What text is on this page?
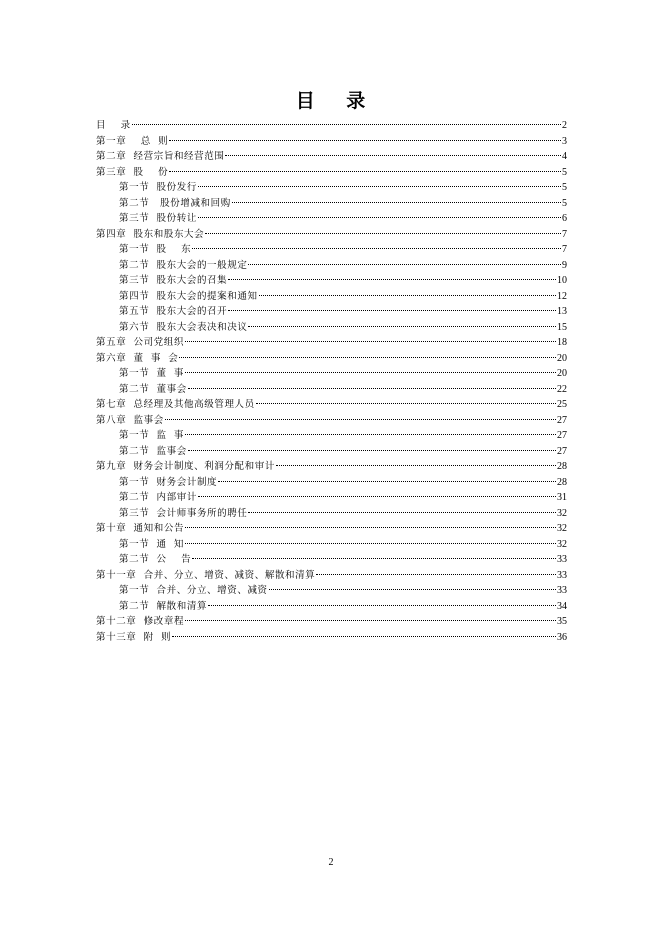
目    录
目    录	2
第一章    总  则	3
第二章  经营宗旨和经营范围	4
第三章  股    份	5
第一节  股份发行	5
第二节   股份增减和回购	5
第三节  股份转让	6
第四章  股东和股东大会	7
第一节  股    东	7
第二节  股东大会的一般规定	9
第三节  股东大会的召集	10
第四节  股东大会的提案和通知	12
第五节  股东大会的召开	13
第六节  股东大会表决和决议	15
第五章  公司党组织	18
第六章  董  事  会	20
第一节  董  事	20
第二节  董事会	22
第七章  总经理及其他高级管理人员	25
第八章  监事会	27
第一节  监  事	27
第二节  监事会	27
第九章  财务会计制度、利润分配和审计	28
第一节  财务会计制度	28
第二节  内部审计	31
第三节  会计师事务所的聘任	32
第十章  通知和公告	32
第一节  通  知	32
第二节  公    告	33
第十一章  合并、分立、增资、减资、解散和清算	33
第一节  合并、分立、增资、减资	33
第二节  解散和清算	34
第十二章  修改章程	35
第十三章  附  则	36
2
